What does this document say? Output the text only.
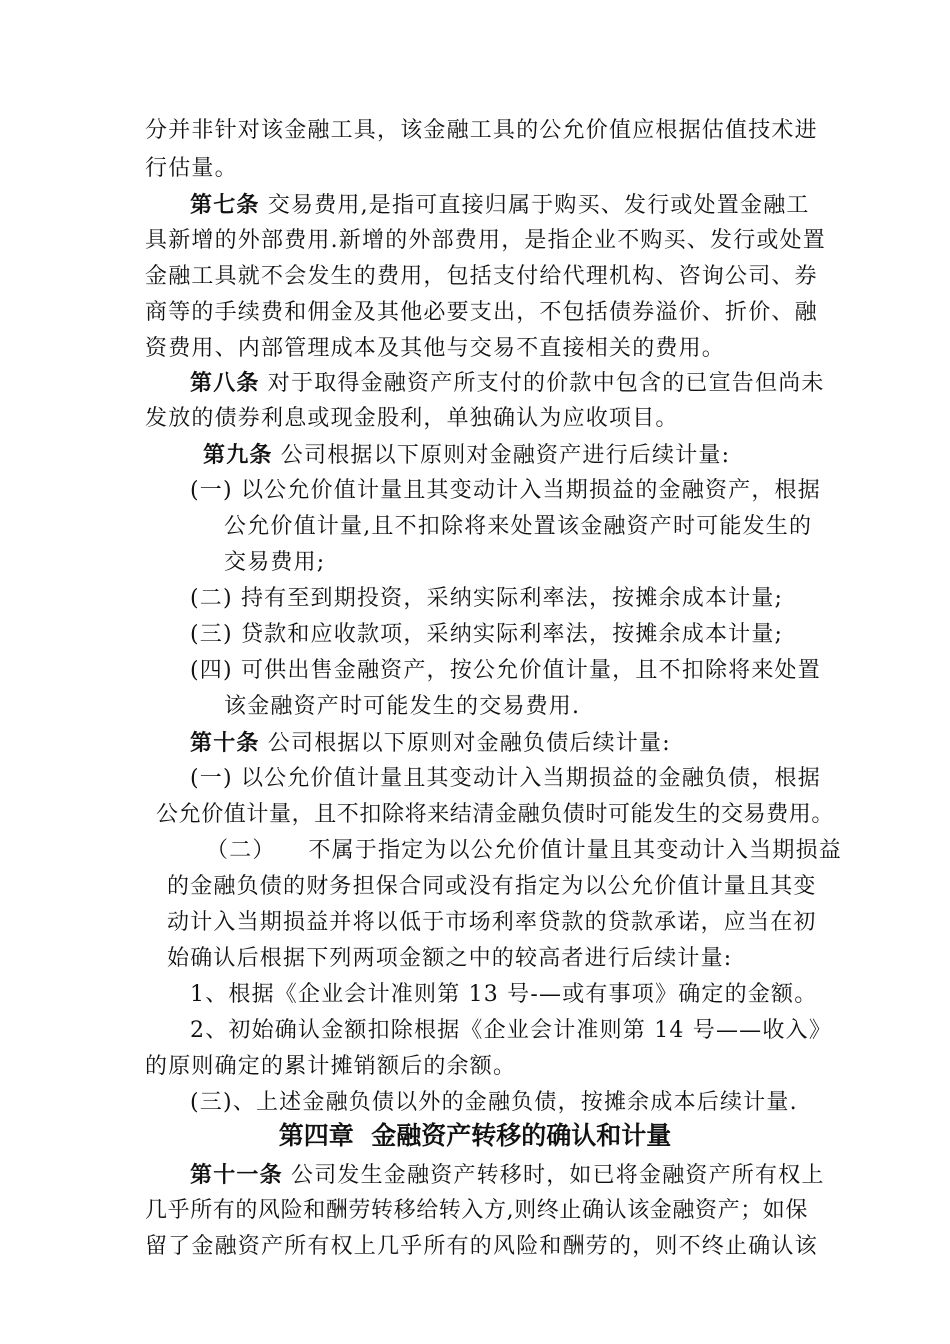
分并非针对该金融工具，该金融工具的公允价值应根据估值技术进
行估量。
第七条 交易费用,是指可直接归属于购买、发行或处置金融工
具新增的外部费用.新增的外部费用，是指企业不购买、发行或处置
金融工具就不会发生的费用，包括支付给代理机构、咨询公司、券
商等的手续费和佣金及其他必要支出，不包括债券溢价、折价、融
资费用、内部管理成本及其他与交易不直接相关的费用。
第八条 对于取得金融资产所支付的价款中包含的已宣告但尚未
发放的债券利息或现金股利，单独确认为应收项目。
第九条 公司根据以下原则对金融资产进行后续计量:
(一) 以公允价值计量且其变动计入当期损益的金融资产，根据
公允价值计量,且不扣除将来处置该金融资产时可能发生的
交易费用;
(二) 持有至到期投资，采纳实际利率法，按摊余成本计量;
(三) 贷款和应收款项，采纳实际利率法，按摊余成本计量;
(四) 可供出售金融资产，按公允价值计量，且不扣除将来处置
该金融资产时可能发生的交易费用.
第十条 公司根据以下原则对金融负债后续计量:
(一) 以公允价值计量且其变动计入当期损益的金融负债，根据
公允价值计量，且不扣除将来结清金融负债时可能发生的交易费用。
（二）    不属于指定为以公允价值计量且其变动计入当期损益
的金融负债的财务担保合同或没有指定为以公允价值计量且其变
动计入当期损益并将以低于市场利率贷款的贷款承诺，应当在初
始确认后根据下列两项金额之中的较高者进行后续计量:
1、根据《企业会计准则第 13 号-—或有事项》确定的金额。
2、初始确认金额扣除根据《企业会计准则第 14 号——收入》
的原则确定的累计摊销额后的余额。
(三)、上述金融负债以外的金融负债，按摊余成本后续计量.
第四章  金融资产转移的确认和计量
第十一条 公司发生金融资产转移时，如已将金融资产所有权上
几乎所有的风险和酬劳转移给转入方,则终止确认该金融资产；如保
留了金融资产所有权上几乎所有的风险和酬劳的，则不终止确认该
